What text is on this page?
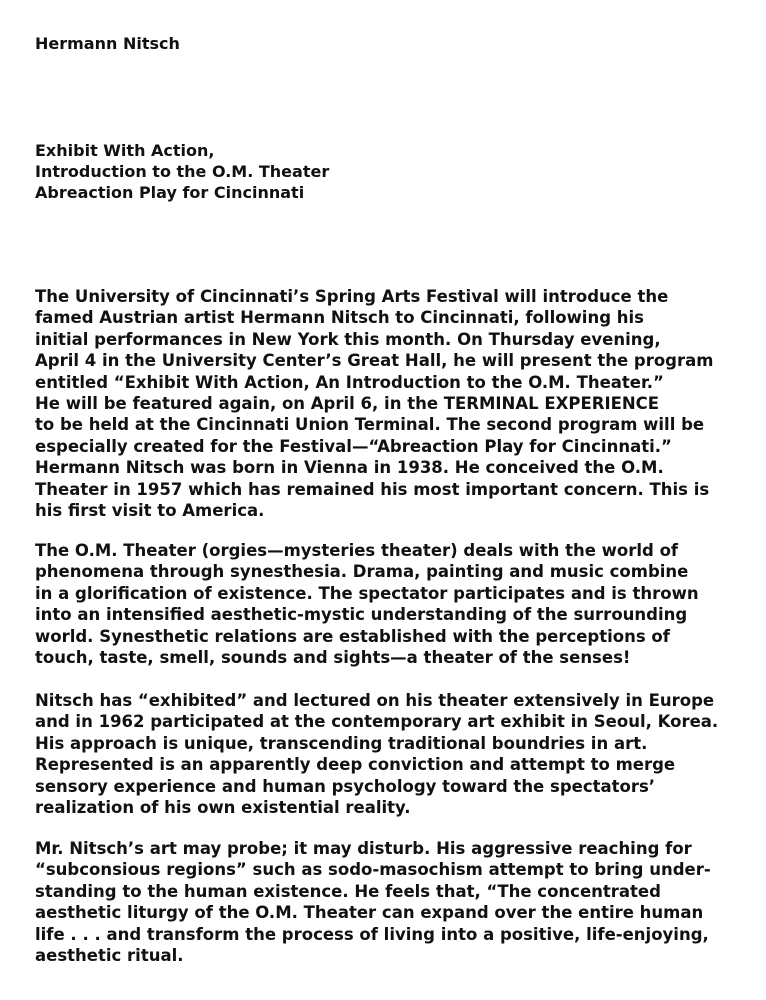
Hermann Nitsch
Exhibit With Action,
Introduction to the O.M. Theater
Abreaction Play for Cincinnati

The University of Cincinnati’s Spring Arts Festival will introduce the
famed Austrian artist Hermann Nitsch to Cincinnati, following his
initial performances in New York this month. On Thursday evening,
April 4 in the University Center’s Great Hall, he will present the program
entitled “Exhibit With Action, An Introduction to the O.M. Theater.”
He will be featured again, on April 6, in the TERMINAL EXPERIENCE
to be held at the Cincinnati Union Terminal. The second program will be
especially created for the Festival—“Abreaction Play for Cincinnati.”
Hermann Nitsch was born in Vienna in 1938. He conceived the O.M.
Theater in 1957 which has remained his most important concern. This is
his first visit to America.

The O.M. Theater (orgies—mysteries theater) deals with the world of
phenomena through synesthesia. Drama, painting and music combine
in a glorification of existence. The spectator participates and is thrown
into an intensified aesthetic-mystic understanding of the surrounding
world. Synesthetic relations are established with the perceptions of
touch, taste, smell, sounds and sights—a theater of the senses!

Nitsch has “exhibited” and lectured on his theater extensively in Europe
and in 1962 participated at the contemporary art exhibit in Seoul, Korea.
His approach is unique, transcending traditional boundries in art.
Represented is an apparently deep conviction and attempt to merge
sensory experience and human psychology toward the spectators’
realization of his own existential reality.

Mr. Nitsch’s art may probe; it may disturb. His aggressive reaching for
“subconsious regions” such as sodo-masochism attempt to bring under-
standing to the human existence. He feels that, “The concentrated
aesthetic liturgy of the O.M. Theater can expand over the entire human
life . . . and transform the process of living into a positive, life-enjoying,
aesthetic ritual.
